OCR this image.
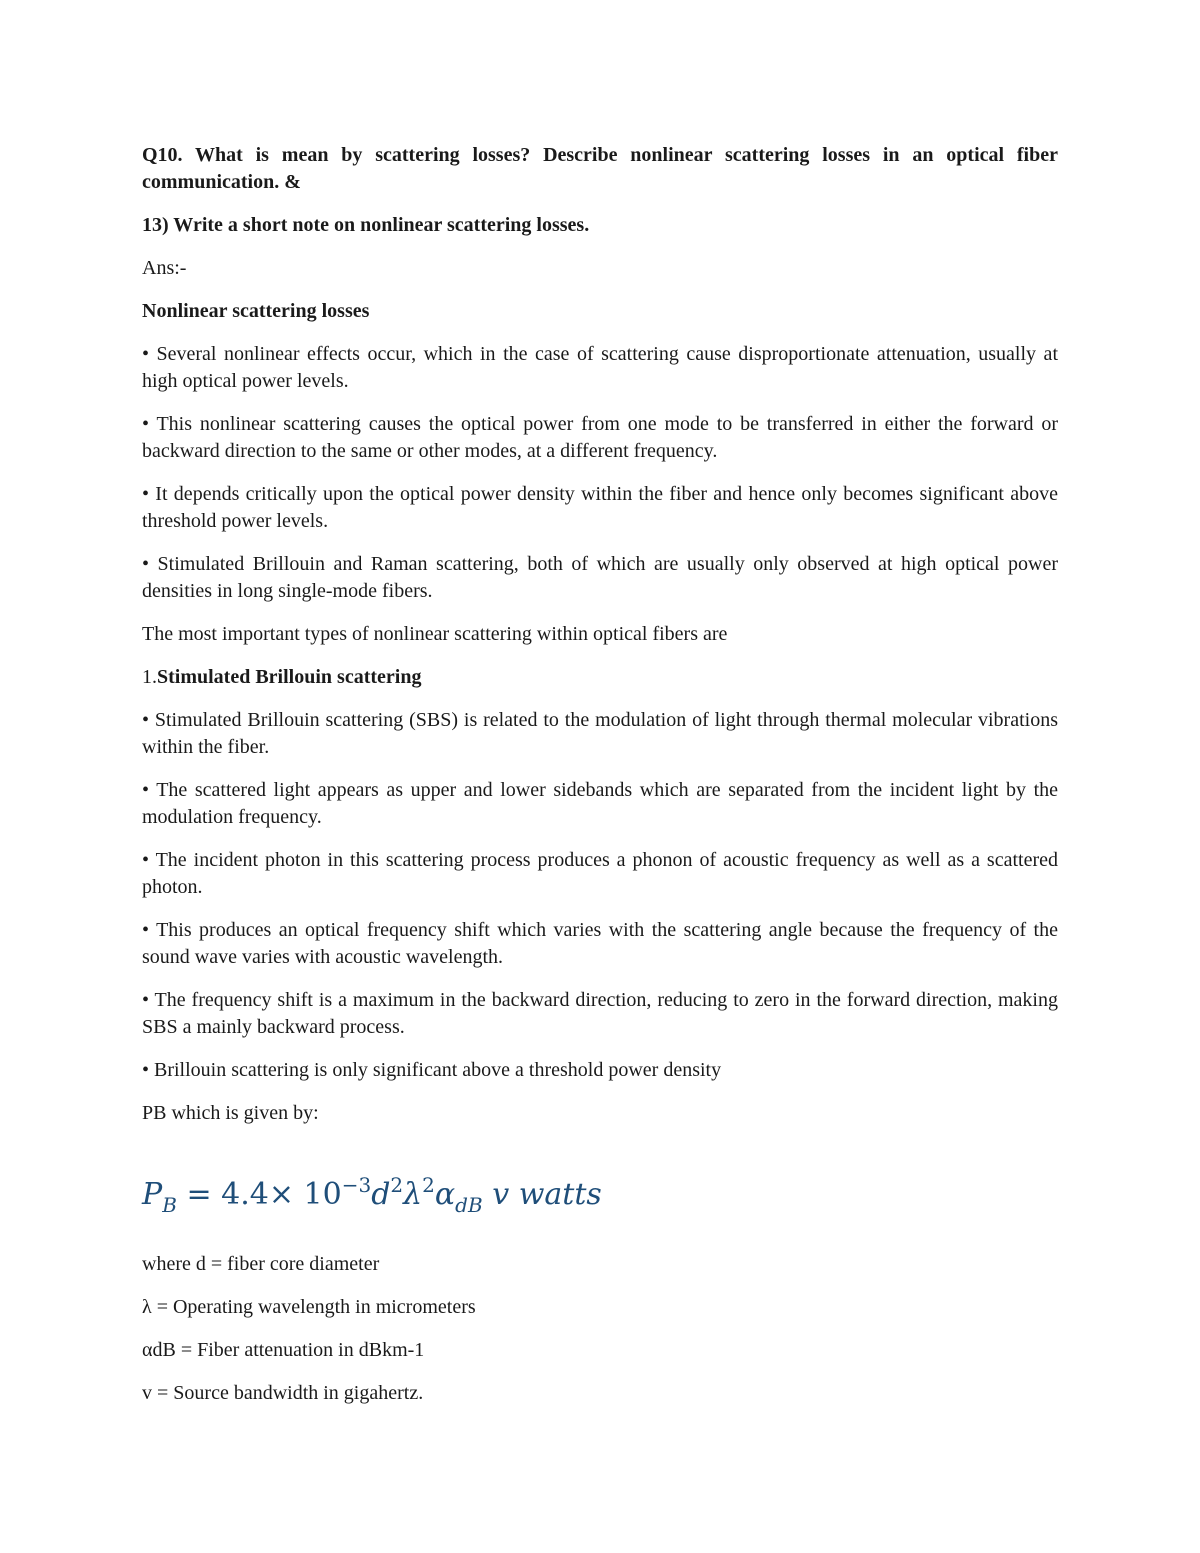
Q10. What is mean by scattering losses? Describe nonlinear scattering losses in an optical fiber communication. &

13) Write a short note on nonlinear scattering losses.

Ans:-

Nonlinear scattering losses

• Several nonlinear effects occur, which in the case of scattering cause disproportionate attenuation, usually at high optical power levels.

• This nonlinear scattering causes the optical power from one mode to be transferred in either the forward or backward direction to the same or other modes, at a different frequency.

• It depends critically upon the optical power density within the fiber and hence only becomes significant above threshold power levels.

• Stimulated Brillouin and Raman scattering, both of which are usually only observed at high optical power densities in long single-mode fibers.

The most important types of nonlinear scattering within optical fibers are

1.Stimulated Brillouin scattering

• Stimulated Brillouin scattering (SBS) is related to the modulation of light through thermal molecular vibrations within the fiber.

• The scattered light appears as upper and lower sidebands which are separated from the incident light by the modulation frequency.

• The incident photon in this scattering process produces a phonon of acoustic frequency as well as a scattered photon.

• This produces an optical frequency shift which varies with the scattering angle because the frequency of the sound wave varies with acoustic wavelength.

• The frequency shift is a maximum in the backward direction, reducing to zero in the forward direction, making SBS a mainly backward process.

• Brillouin scattering is only significant above a threshold power density

PB which is given by:

$P_B = 4.4\times 10^{-3}d^2\lambda^2\alpha_{dB}$ v watts

where d = fiber core diameter

λ = Operating wavelength in micrometers

αdB = Fiber attenuation in dBkm-1

v = Source bandwidth in gigahertz.
